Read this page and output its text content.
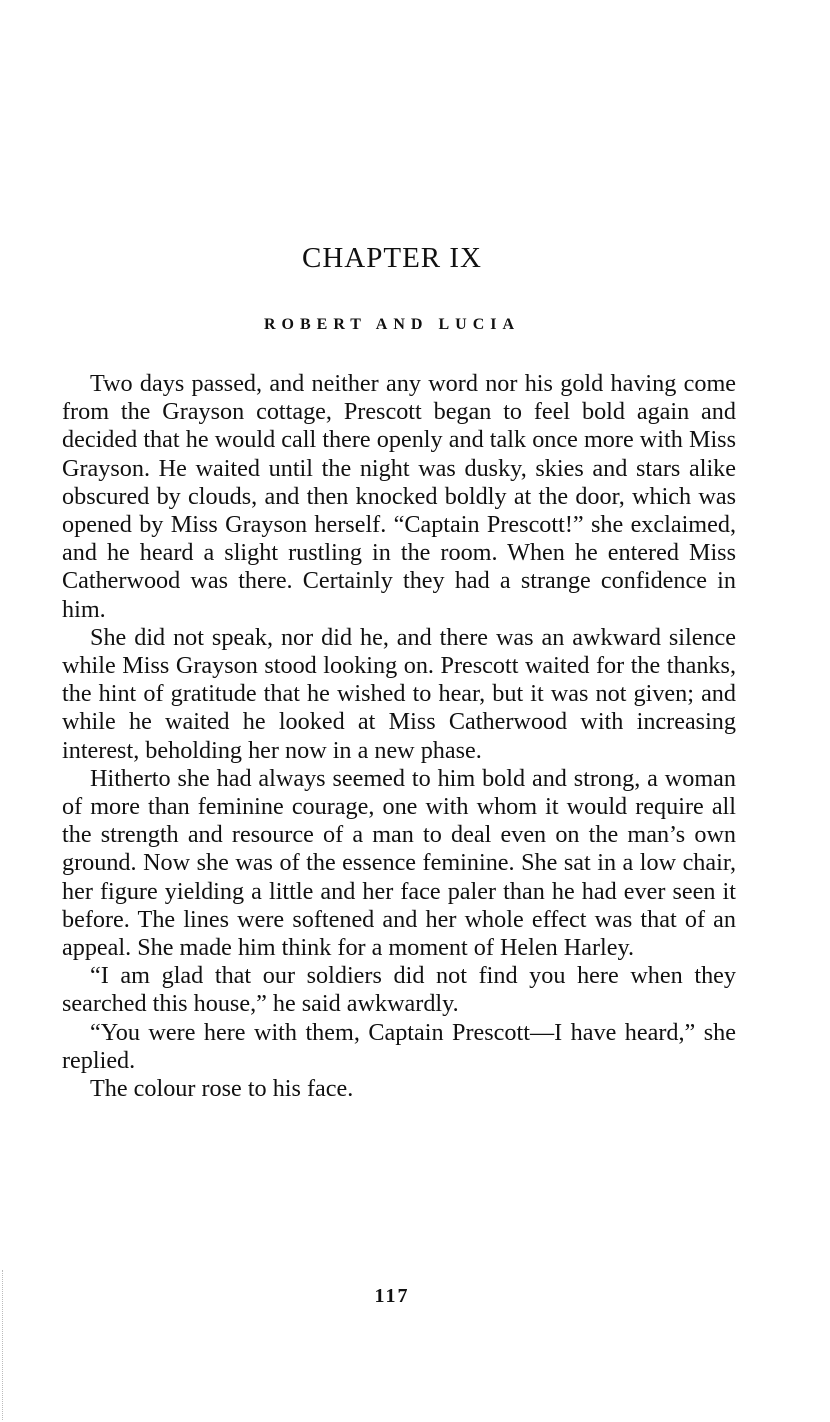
CHAPTER IX
ROBERT AND LUCIA

Two days passed, and neither any word nor his gold having come from the Grayson cottage, Prescott began to feel bold again and decided that he would call there openly and talk once more with Miss Grayson. He waited until the night was dusky, skies and stars alike obscured by clouds, and then knocked boldly at the door, which was opened by Miss Grayson herself. “Captain Prescott!” she exclaimed, and he heard a slight rustling in the room. When he entered Miss Catherwood was there. Certainly they had a strange confidence in him.

She did not speak, nor did he, and there was an awkward silence while Miss Grayson stood looking on. Prescott waited for the thanks, the hint of gratitude that he wished to hear, but it was not given; and while he waited he looked at Miss Catherwood with increasing interest, beholding her now in a new phase.

Hitherto she had always seemed to him bold and strong, a woman of more than feminine courage, one with whom it would require all the strength and resource of a man to deal even on the man’s own ground. Now she was of the essence feminine. She sat in a low chair, her figure yielding a little and her face paler than he had ever seen it before. The lines were softened and her whole effect was that of an appeal. She made him think for a moment of Helen Harley.

“I am glad that our soldiers did not find you here when they searched this house,” he said awkwardly.

“You were here with them, Captain Prescott—I have heard,” she replied.

The colour rose to his face.

117
